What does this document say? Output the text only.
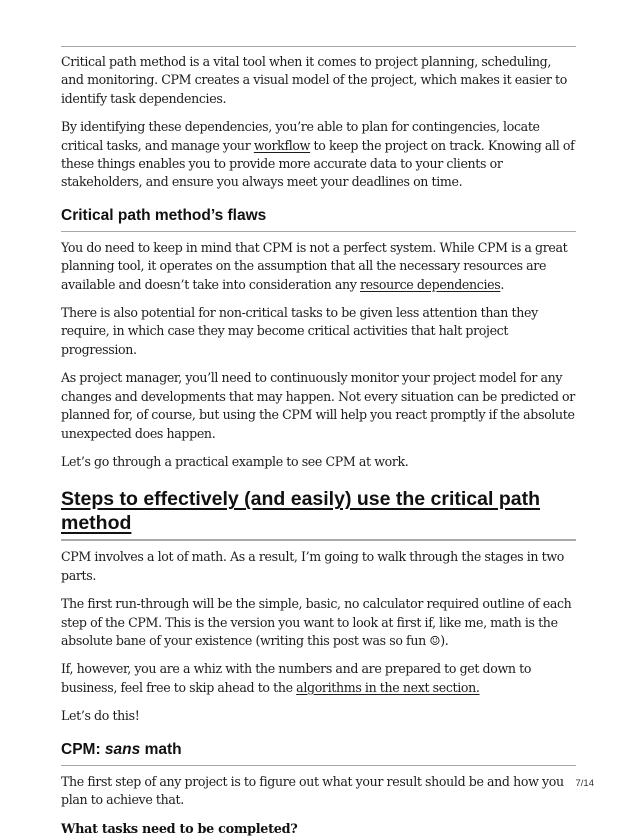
Critical path method is a vital tool when it comes to project planning, scheduling, and monitoring. CPM creates a visual model of the project, which makes it easier to identify task dependencies.

By identifying these dependencies, you’re able to plan for contingencies, locate critical tasks, and manage your workflow to keep the project on track. Knowing all of these things enables you to provide more accurate data to your clients or stakeholders, and ensure you always meet your deadlines on time.

Critical path method’s flaws

You do need to keep in mind that CPM is not a perfect system. While CPM is a great planning tool, it operates on the assumption that all the necessary resources are available and doesn’t take into consideration any resource dependencies.

There is also potential for non-critical tasks to be given less attention than they require, in which case they may become critical activities that halt project progression.

As project manager, you’ll need to continuously monitor your project model for any changes and developments that may happen. Not every situation can be predicted or planned for, of course, but using the CPM will help you react promptly if the absolute unexpected does happen.

Let’s go through a practical example to see CPM at work.

Steps to effectively (and easily) use the critical path method

CPM involves a lot of math. As a result, I’m going to walk through the stages in two parts.

The first run-through will be the simple, basic, no calculator required outline of each step of the CPM. This is the version you want to look at first if, like me, math is the absolute bane of your existence (writing this post was so fun ☺).

If, however, you are a whiz with the numbers and are prepared to get down to business, feel free to skip ahead to the algorithms in the next section.

Let’s do this!

CPM: sans math

The first step of any project is to figure out what your result should be and how you plan to achieve that.

What tasks need to be completed?
7/14
